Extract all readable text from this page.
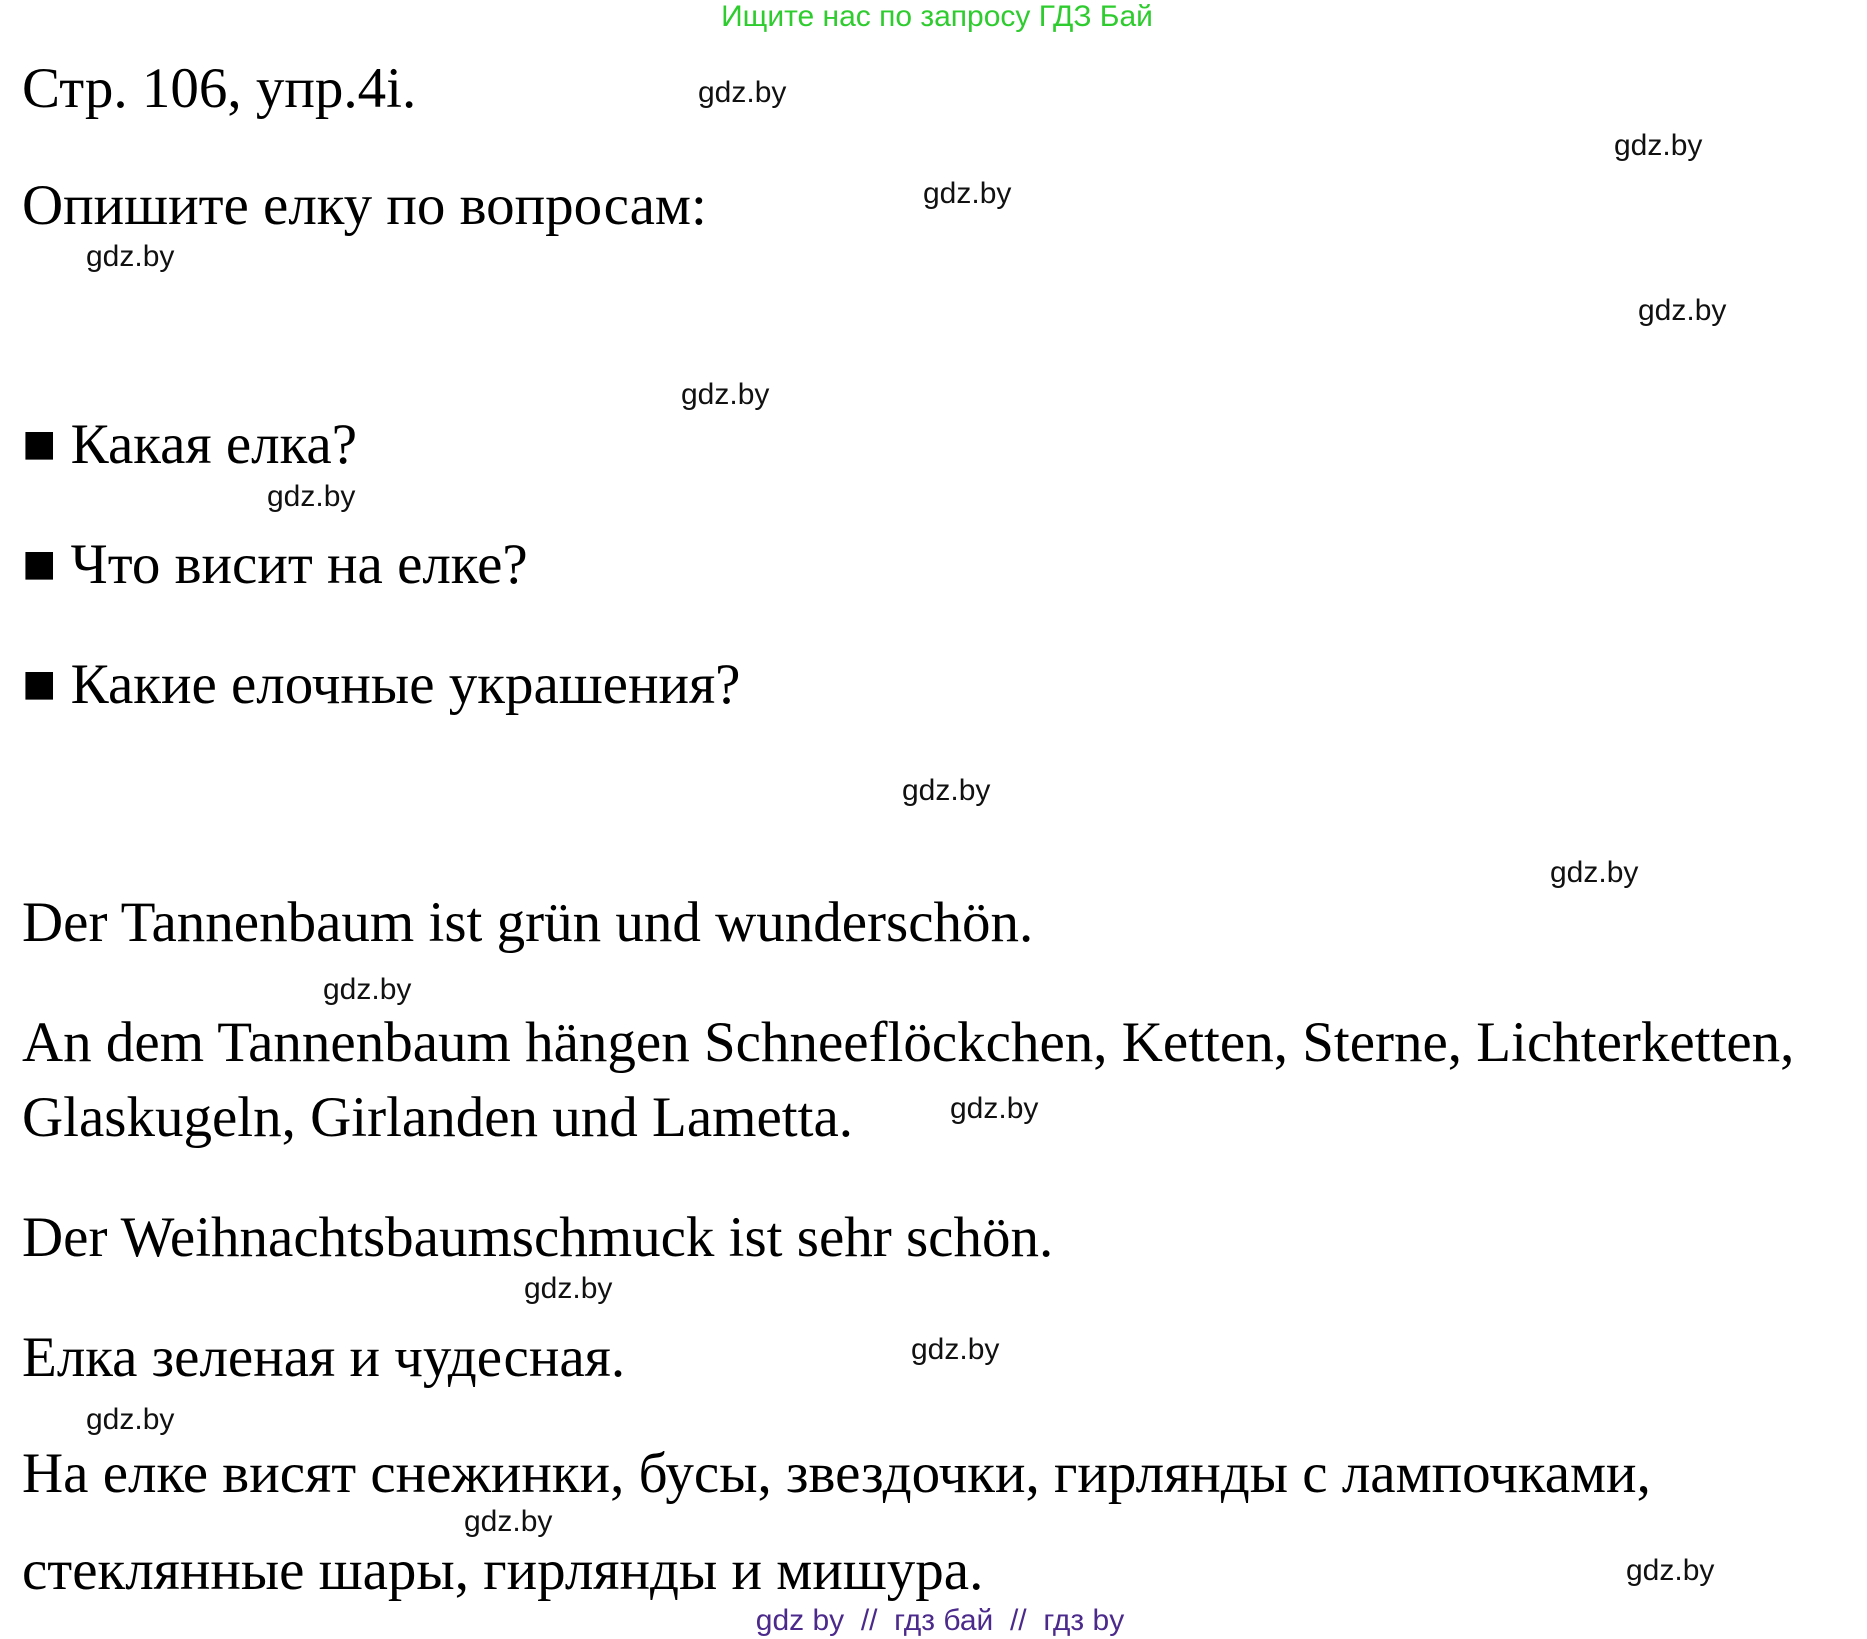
Ищите нас по запросу ГДЗ Бай
Стр. 106, упр.4i.
Опишите елку по вопросам:
■ Какая елка?
■ Что висит на елке?
■ Какие елочные украшения?
Der Tannenbaum ist grün und wunderschön.
An dem Tannenbaum hängen Schneeflöckchen, Ketten, Sterne, Lichterketten,
Glaskugeln, Girlanden und Lametta.
Der Weihnachtsbaumschmuck ist sehr schön.
Елка зеленая и чудесная.
На елке висят снежинки, бусы, звездочки, гирлянды с лампочками,
стеклянные шары, гирлянды и мишура.
gdz.by
gdz.by
gdz.by
gdz.by
gdz.by
gdz.by
gdz.by
gdz.by
gdz.by
gdz.by
gdz.by
gdz.by
gdz.by
gdz.by
gdz.by
gdz.by
gdz by  //  гдз бай  //  гдз by
